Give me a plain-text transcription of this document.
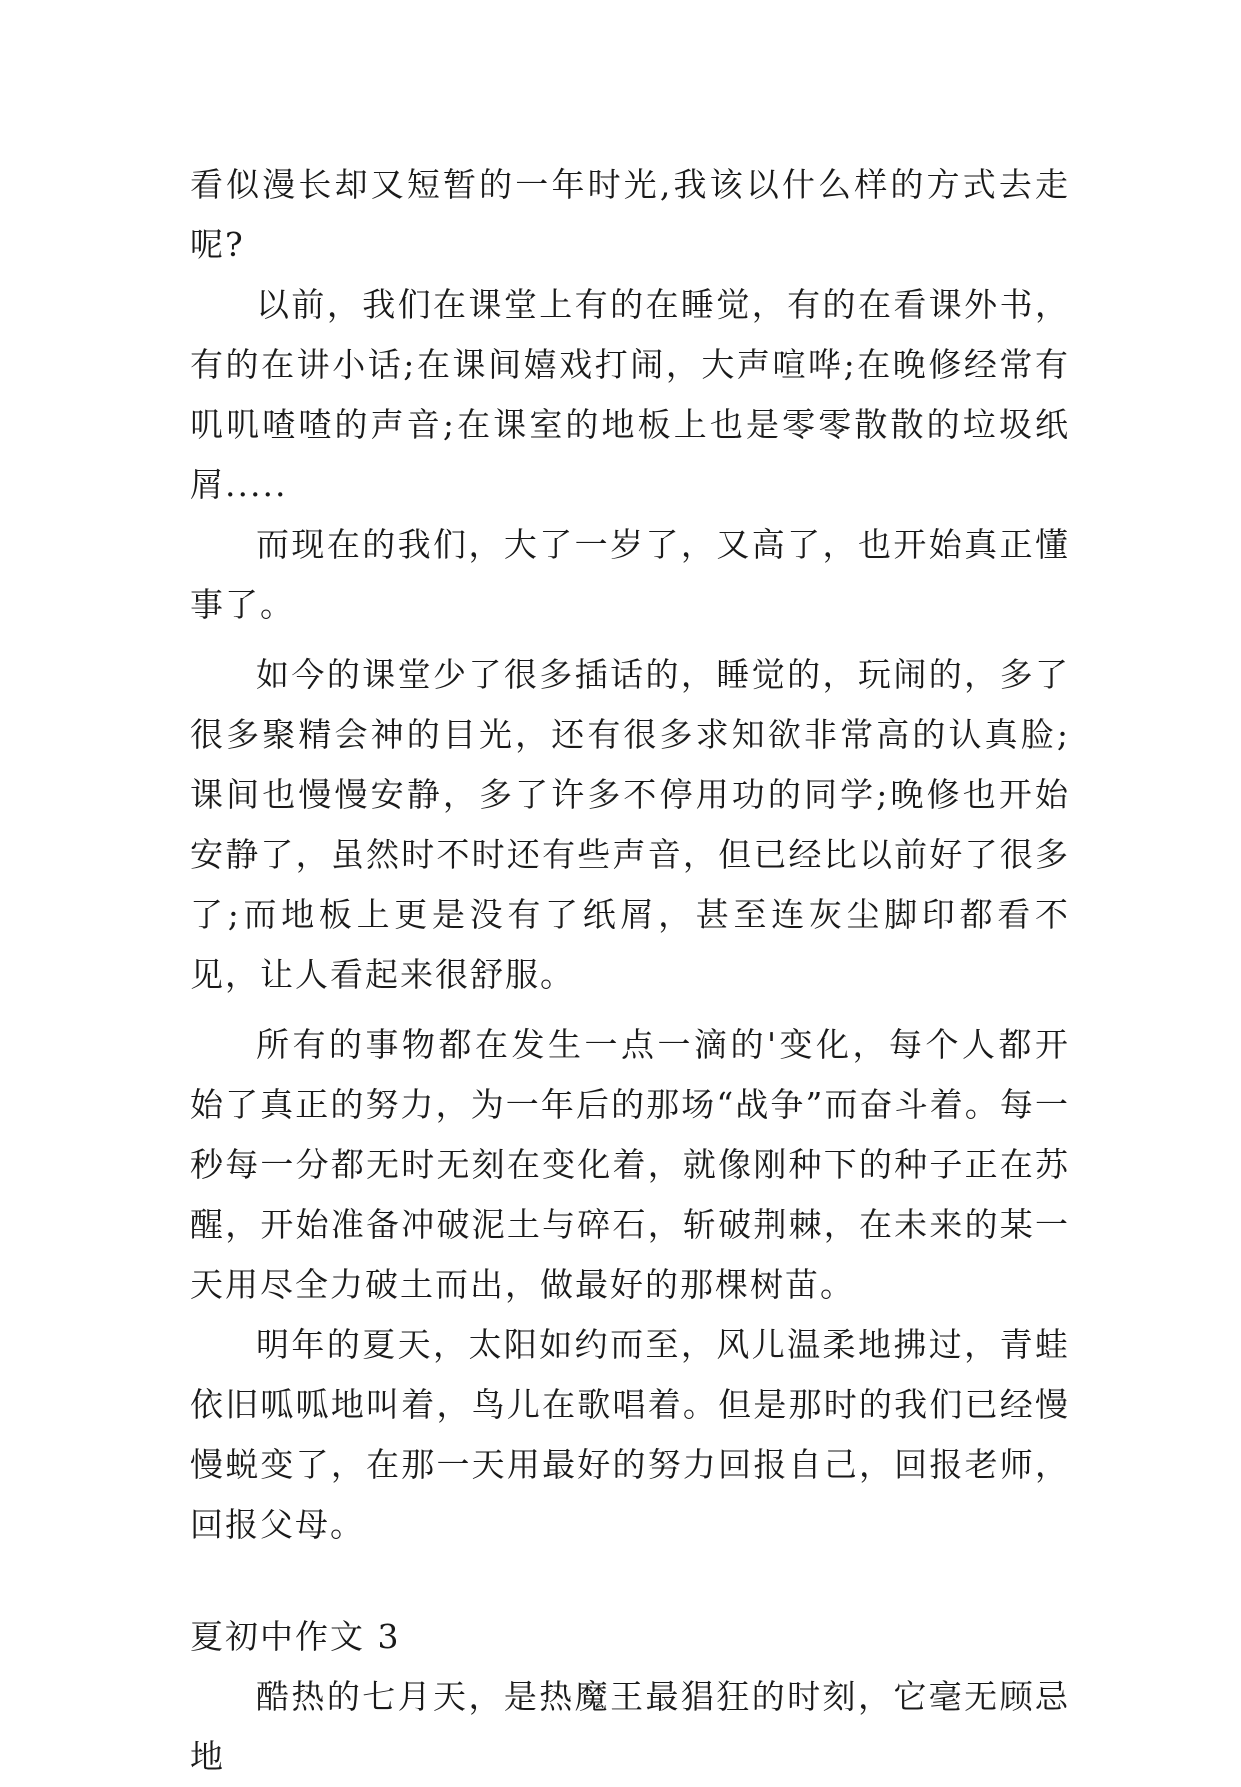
看似漫长却又短暂的一年时光,我该以什么样的方式去走呢?

以前，我们在课堂上有的在睡觉，有的在看课外书，有的在讲小话;在课间嬉戏打闹，大声喧哗;在晚修经常有叽叽喳喳的声音;在课室的地板上也是零零散散的垃圾纸屑.....

而现在的我们，大了一岁了，又高了，也开始真正懂事了。

如今的课堂少了很多插话的，睡觉的，玩闹的，多了很多聚精会神的目光，还有很多求知欲非常高的认真脸;课间也慢慢安静，多了许多不停用功的同学;晚修也开始安静了，虽然时不时还有些声音，但已经比以前好了很多了;而地板上更是没有了纸屑，甚至连灰尘脚印都看不见，让人看起来很舒服。

所有的事物都在发生一点一滴的'变化，每个人都开始了真正的努力，为一年后的那场“战争”而奋斗着。每一秒每一分都无时无刻在变化着，就像刚种下的种子正在苏醒，开始准备冲破泥土与碎石，斩破荆棘，在未来的某一天用尽全力破土而出，做最好的那棵树苗。

明年的夏天，太阳如约而至，风儿温柔地拂过，青蛙依旧呱呱地叫着，鸟儿在歌唱着。但是那时的我们已经慢慢蜕变了，在那一天用最好的努力回报自己，回报老师，回报父母。

夏初中作文 3

酷热的七月天，是热魔王最猖狂的时刻，它毫无顾忌地
